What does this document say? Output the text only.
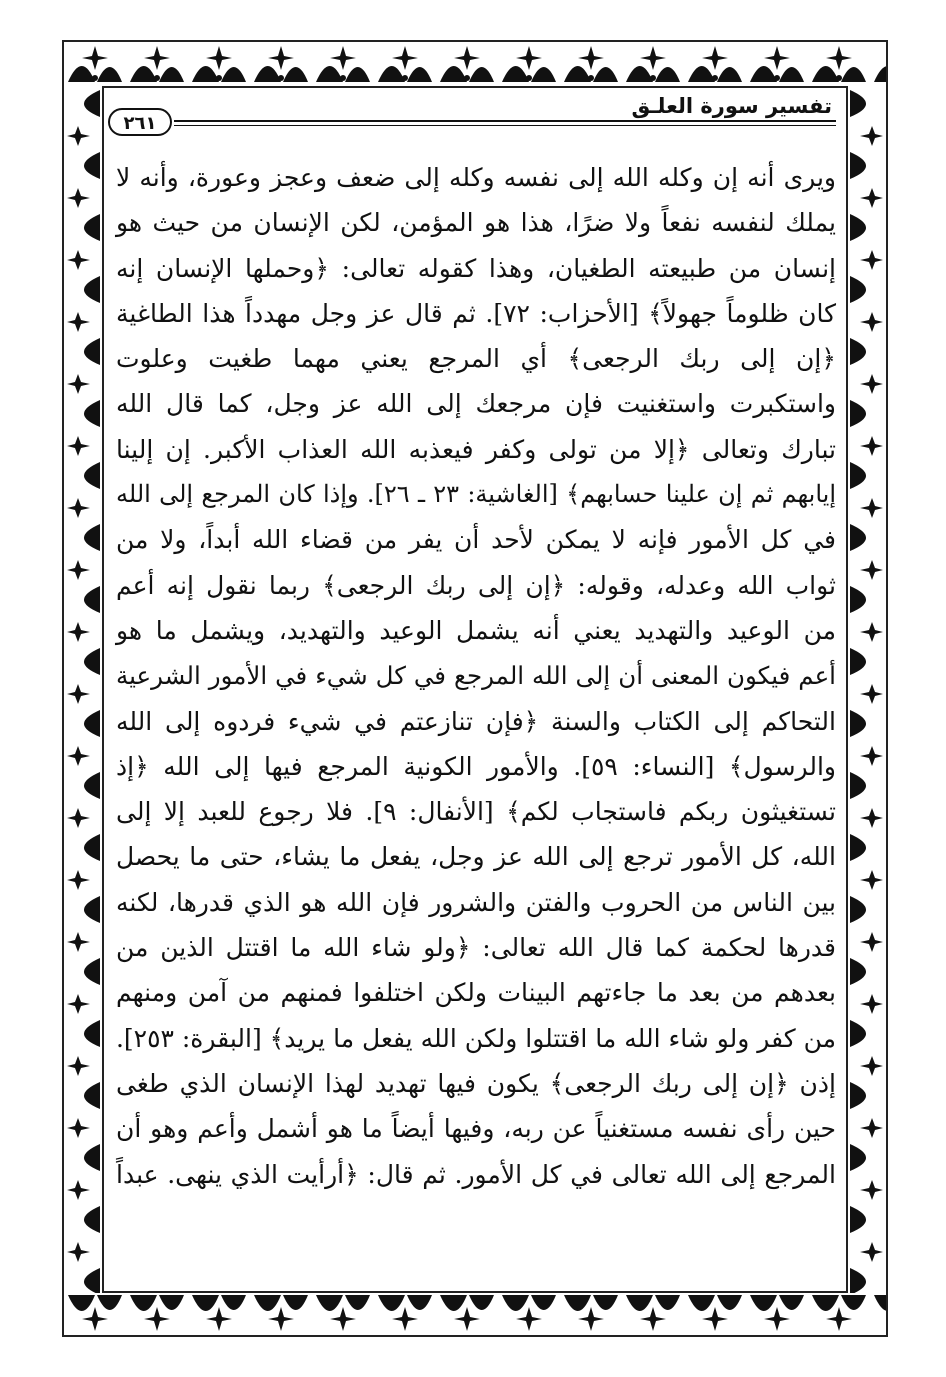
تفسير سورة العلـق
٢٦١
ويرى أنه إن وكله الله إلى نفسه وكله إلى ضعف وعجز وعورة، وأنه لا
يملك لنفسه نفعاً ولا ضرًا، هذا هو المؤمن، لكن الإنسان من حيث هو
إنسان من طبيعته الطغيان، وهذا كقوله تعالى: ﴿وحملها الإنسان إنه
كان ظلوماً جهولاً﴾ [الأحزاب: ٧٢]. ثم قال عز وجل مهدداً هذا الطاغية
﴿إن إلى ربك الرجعى﴾ أي المرجع يعني مهما طغيت وعلوت
واستكبرت واستغنيت فإن مرجعك إلى الله عز وجل، كما قال الله
تبارك وتعالى ﴿إلا من تولى وكفر فيعذبه الله العذاب الأكبر. إن إلينا
إيابهم ثم إن علينا حسابهم﴾ [الغاشية: ٢٣ ـ ٢٦]. وإذا كان المرجع إلى الله
في كل الأمور فإنه لا يمكن لأحد أن يفر من قضاء الله أبداً، ولا من
ثواب الله وعدله، وقوله: ﴿إن إلى ربك الرجعى﴾ ربما نقول إنه أعم
من الوعيد والتهديد يعني أنه يشمل الوعيد والتهديد، ويشمل ما هو
أعم فيكون المعنى أن إلى الله المرجع في كل شيء في الأمور الشرعية
التحاكم إلى الكتاب والسنة ﴿فإن تنازعتم في شيء فردوه إلى الله
والرسول﴾ [النساء: ٥٩]. والأمور الكونية المرجع فيها إلى الله ﴿إذ
تستغيثون ربكم فاستجاب لكم﴾ [الأنفال: ٩]. فلا رجوع للعبد إلا إلى
الله، كل الأمور ترجع إلى الله عز وجل، يفعل ما يشاء، حتى ما يحصل
بين الناس من الحروب والفتن والشرور فإن الله هو الذي قدرها، لكنه
قدرها لحكمة كما قال الله تعالى: ﴿ولو شاء الله ما اقتتل الذين من
بعدهم من بعد ما جاءتهم البينات ولكن اختلفوا فمنهم من آمن ومنهم
من كفر ولو شاء الله ما اقتتلوا ولكن الله يفعل ما يريد﴾ [البقرة: ٢٥٣].
إذن ﴿إن إلى ربك الرجعى﴾ يكون فيها تهديد لهذا الإنسان الذي طغى
حين رأى نفسه مستغنياً عن ربه، وفيها أيضاً ما هو أشمل وأعم وهو أن
المرجع إلى الله تعالى في كل الأمور. ثم قال: ﴿أرأيت الذي ينهى. عبداً
